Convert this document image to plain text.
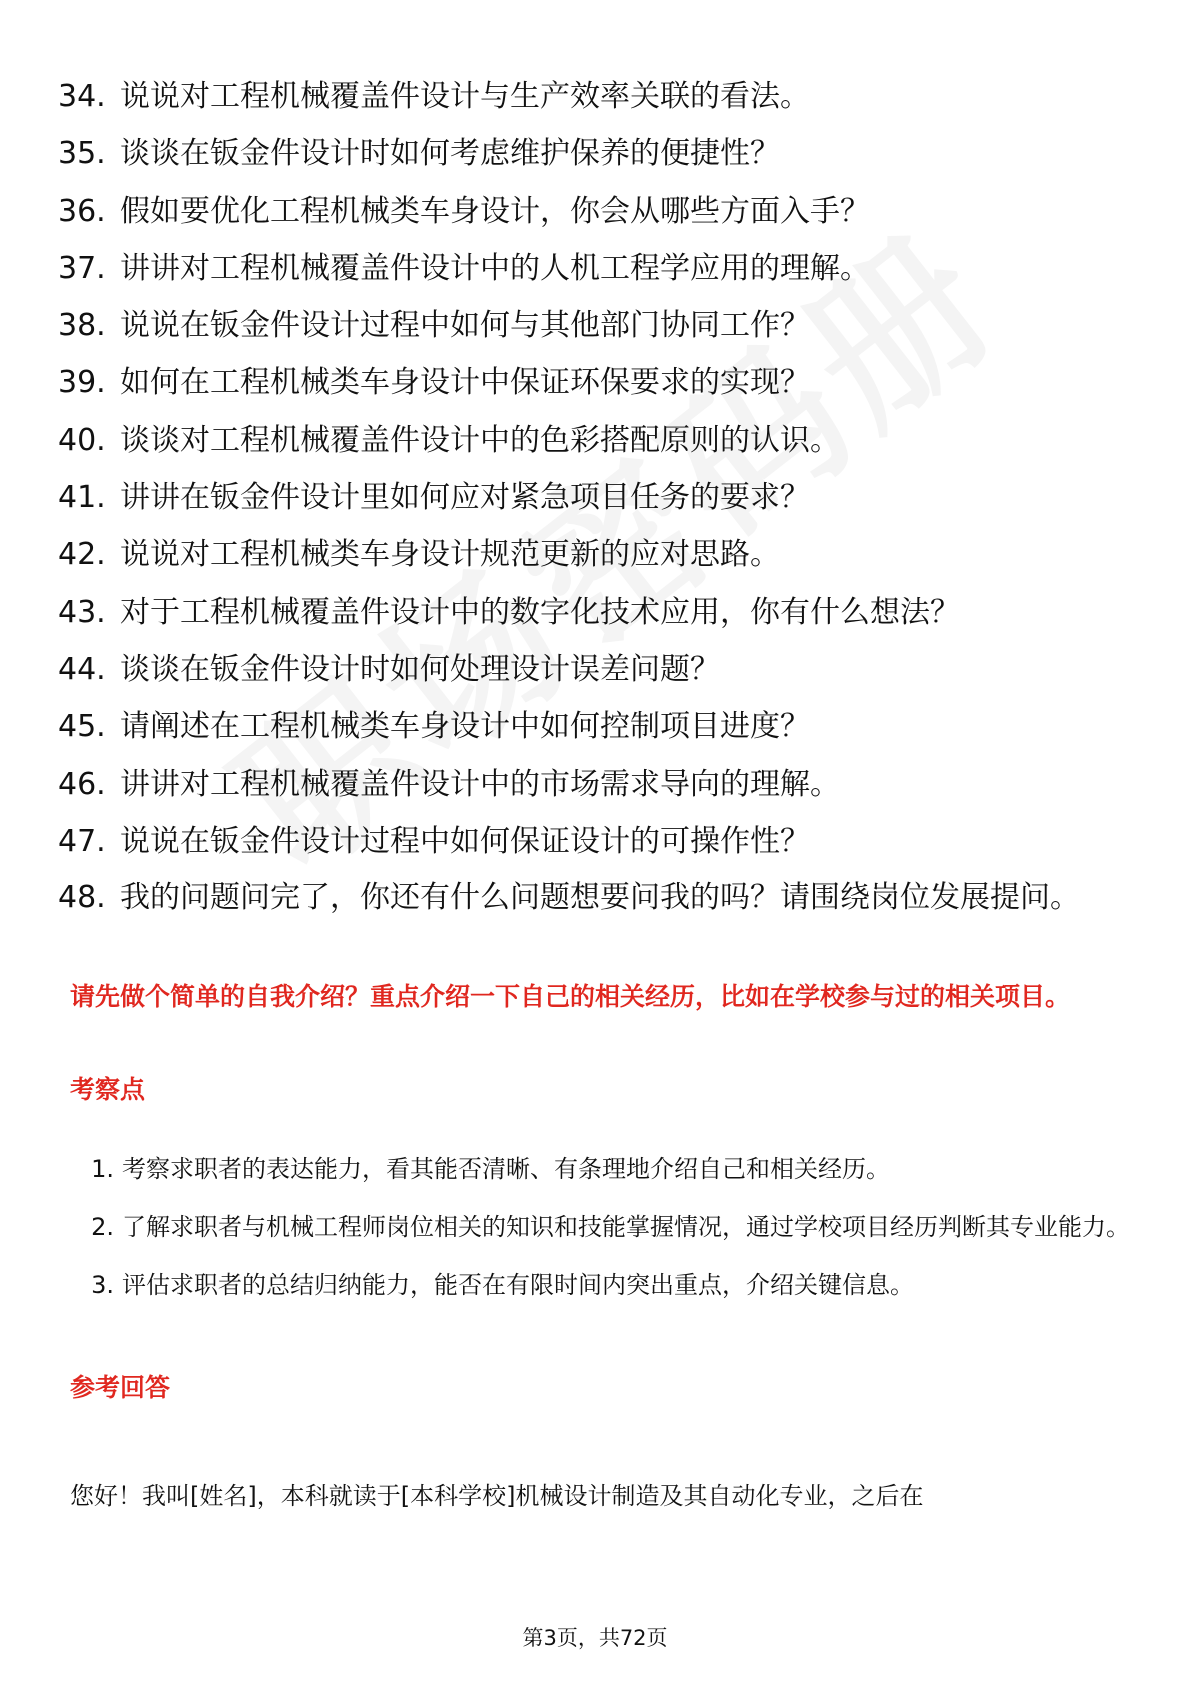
34. 说说对工程机械覆盖件设计与生产效率关联的看法。
35. 谈谈在钣金件设计时如何考虑维护保养的便捷性？
36. 假如要优化工程机械类车身设计，你会从哪些方面入手？
37. 讲讲对工程机械覆盖件设计中的人机工程学应用的理解。
38. 说说在钣金件设计过程中如何与其他部门协同工作？
39. 如何在工程机械类车身设计中保证环保要求的实现？
40. 谈谈对工程机械覆盖件设计中的色彩搭配原则的认识。
41. 讲讲在钣金件设计里如何应对紧急项目任务的要求？
42. 说说对工程机械类车身设计规范更新的应对思路。
43. 对于工程机械覆盖件设计中的数字化技术应用，你有什么想法？
44. 谈谈在钣金件设计时如何处理设计误差问题？
45. 请阐述在工程机械类车身设计中如何控制项目进度？
46. 讲讲对工程机械覆盖件设计中的市场需求导向的理解。
47. 说说在钣金件设计过程中如何保证设计的可操作性？
48. 我的问题问完了，你还有什么问题想要问我的吗？请围绕岗位发展提问。
请先做个简单的自我介绍？重点介绍一下自己的相关经历，比如在学校参与过的相关项目。
考察点
1. 考察求职者的表达能力，看其能否清晰、有条理地介绍自己和相关经历。
2. 了解求职者与机械工程师岗位相关的知识和技能掌握情况，通过学校项目经历判断其专业能力。
3. 评估求职者的总结归纳能力，能否在有限时间内突出重点，介绍关键信息。
参考回答
您好！我叫[姓名]，本科就读于[本科学校]机械设计制造及其自动化专业，之后在
第3页，共72页
